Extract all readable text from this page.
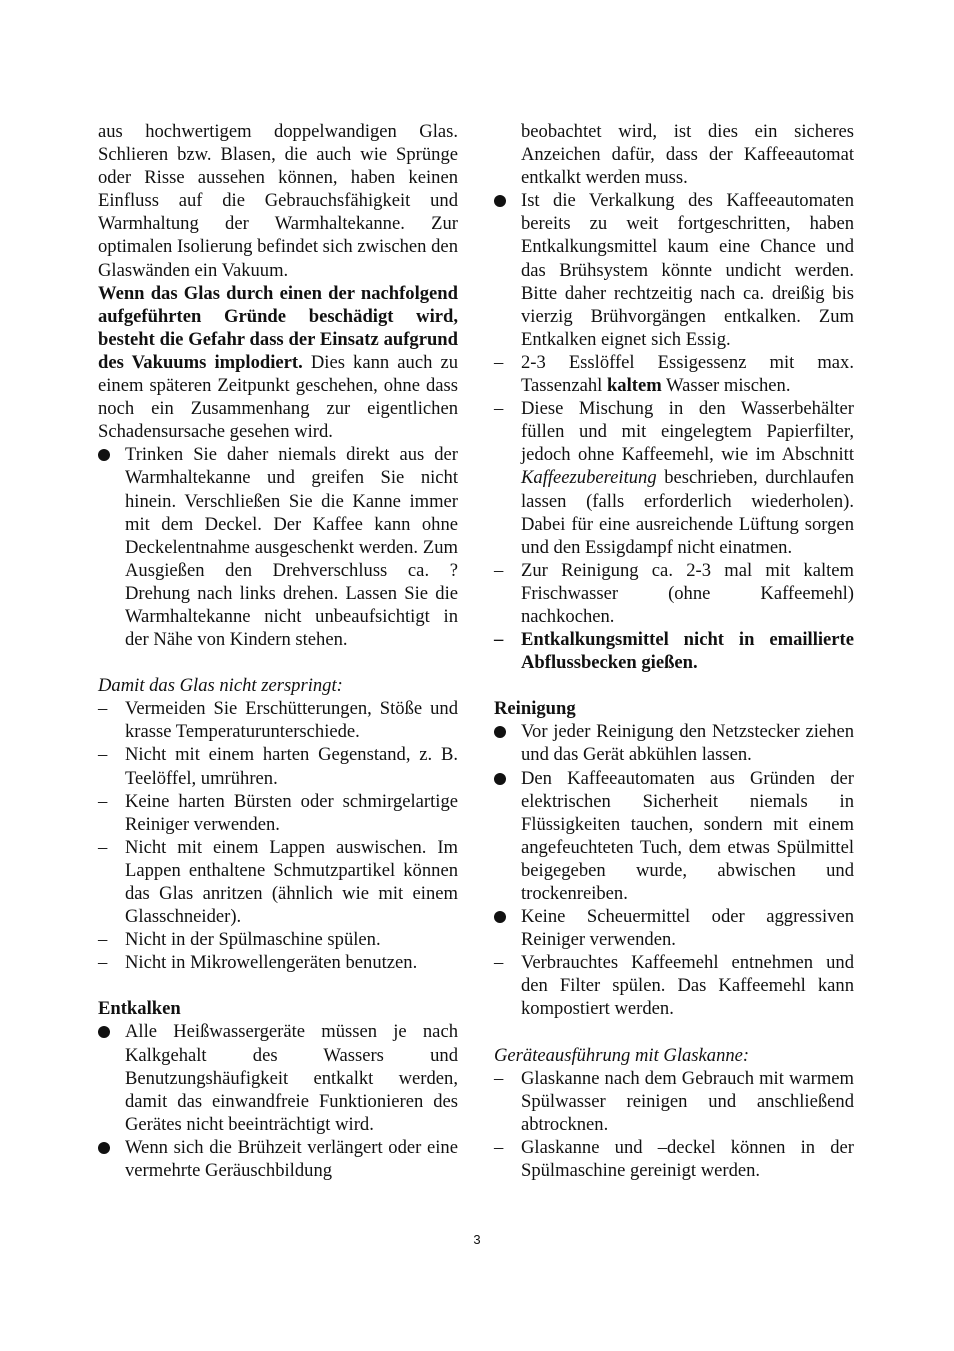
aus hochwertigem doppelwandigen Glas. Schlieren bzw. Blasen, die auch wie Sprünge oder Risse aussehen können, haben keinen Einfluss auf die Gebrauchsfähigkeit und Warmhaltung der Warmhaltekanne. Zur optimalen Isolierung befindet sich zwischen den Glaswänden ein Vakuum.

Wenn das Glas durch einen der nachfolgend aufgeführten Gründe beschädigt wird, besteht die Gefahr dass der Einsatz aufgrund des Vakuums implodiert. Dies kann auch zu einem späteren Zeitpunkt geschehen, ohne dass noch ein Zusammenhang zur eigentlichen Schadensursache gesehen wird.

Trinken Sie daher niemals direkt aus der Warmhaltekanne und greifen Sie nicht hinein. Verschließen Sie die Kanne immer mit dem Deckel. Der Kaffee kann ohne Deckelentnahme ausgeschenkt werden. Zum Ausgießen den Drehverschluss ca. ? Drehung nach links drehen. Lassen Sie die Warmhaltekanne nicht unbeaufsichtigt in der Nähe von Kindern stehen.

Damit das Glas nicht zerspringt:

–
Vermeiden Sie Erschütterungen, Stöße und krasse Temperaturunterschiede.
–
Nicht mit einem harten Gegenstand, z. B. Teelöffel, umrühren.
–
Keine harten Bürsten oder schmirgelartige Reiniger verwenden.
–
Nicht mit einem Lappen auswischen. Im Lappen enthaltene Schmutzpartikel können das Glas anritzen (ähnlich wie mit einem Glasschneider).
–
Nicht in der Spülmaschine spülen.
–
Nicht in Mikrowellengeräten benutzen.

Entkalken

Alle Heißwassergeräte müssen je nach Kalkgehalt des Wassers und Benutzungshäufigkeit entkalkt werden, damit das einwandfreie Funktionieren des Gerätes nicht beeinträchtigt wird.
Wenn sich die Brühzeit verlängert oder eine vermehrte Geräuschbildung

beobachtet wird, ist dies ein sicheres Anzeichen dafür, dass der Kaffeeautomat entkalkt werden muss.

Ist die Verkalkung des Kaffeeautomaten bereits zu weit fortgeschritten, haben Entkalkungsmittel kaum eine Chance und das Brühsystem könnte undicht werden. Bitte daher rechtzeitig nach ca. dreißig bis vierzig Brühvorgängen entkalken. Zum Entkalken eignet sich Essig.
–
2-3 Esslöffel Essigessenz mit max. Tassenzahl kaltem Wasser mischen.
–
Diese Mischung in den Wasserbehälter füllen und mit eingelegtem Papierfilter, jedoch ohne Kaffeemehl, wie im Abschnitt Kaffeezubereitung beschrieben, durchlaufen lassen (falls erforderlich wiederholen). Dabei für eine ausreichende Lüftung sorgen und den Essigdampf nicht einatmen.
–
Zur Reinigung ca. 2-3 mal mit kaltem Frischwasser (ohne Kaffeemehl) nachkochen.
–
Entkalkungsmittel nicht in emaillierte Abflussbecken gießen.

Reinigung

Vor jeder Reinigung den Netzstecker ziehen und das Gerät abkühlen lassen.
Den Kaffeeautomaten aus Gründen der elektrischen Sicherheit niemals in Flüssigkeiten tauchen, sondern mit einem angefeuchteten Tuch, dem etwas Spülmittel beigegeben wurde, abwischen und trockenreiben.
Keine Scheuermittel oder aggressiven Reiniger verwenden.
–
Verbrauchtes Kaffeemehl entnehmen und den Filter spülen. Das Kaffeemehl kann kompostiert werden.

Geräteausführung mit Glaskanne:

–
Glaskanne nach dem Gebrauch mit warmem Spülwasser reinigen und anschließend abtrocknen.
–
Glaskanne und –deckel können in der Spülmaschine gereinigt werden.
3
